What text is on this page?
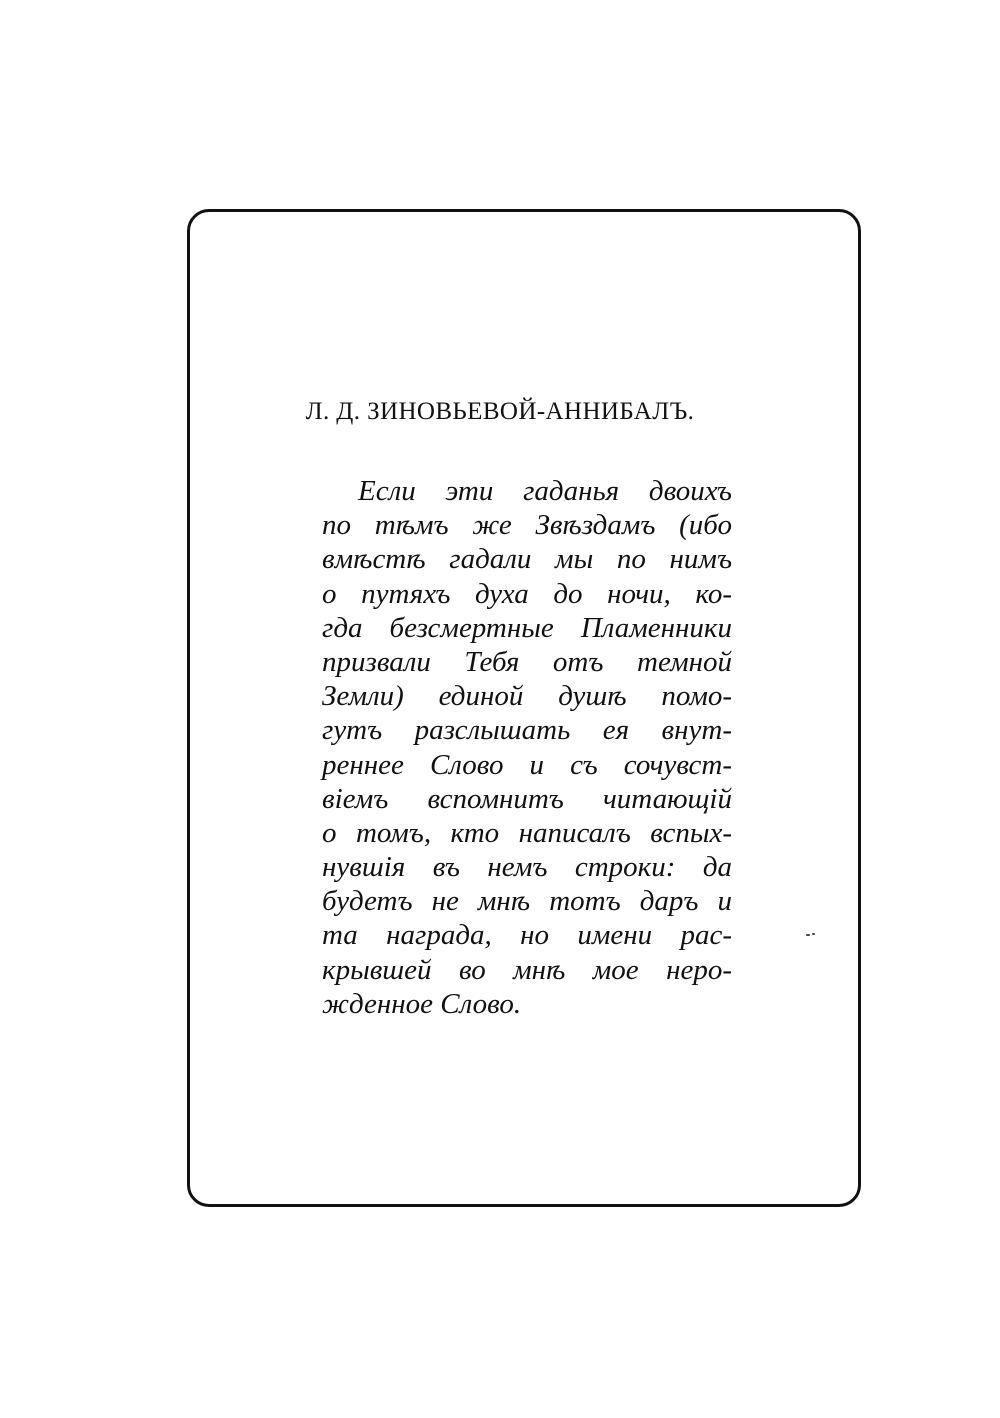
Л. Д. ЗИНОВЬЕВОЙ-АННИБАЛЪ.
Если эти гаданья двоихъ
по тѣмъ же Звѣздамъ (ибо
вмѣстѣ гадали мы по нимъ
о путяхъ духа до ночи, ко-
гда безсмертные Пламенники
призвали Тебя отъ темной
Земли) единой душѣ помо-
гутъ разслышать ея внут-
реннее Слово и съ сочувст-
віемъ вспомнитъ читающій
о томъ, кто написалъ вспых-
нувшія въ немъ строки: да
будетъ не мнѣ тотъ даръ и
та награда, но имени рас-
крывшей во мнѣ мое неро-
жденное Слово.
